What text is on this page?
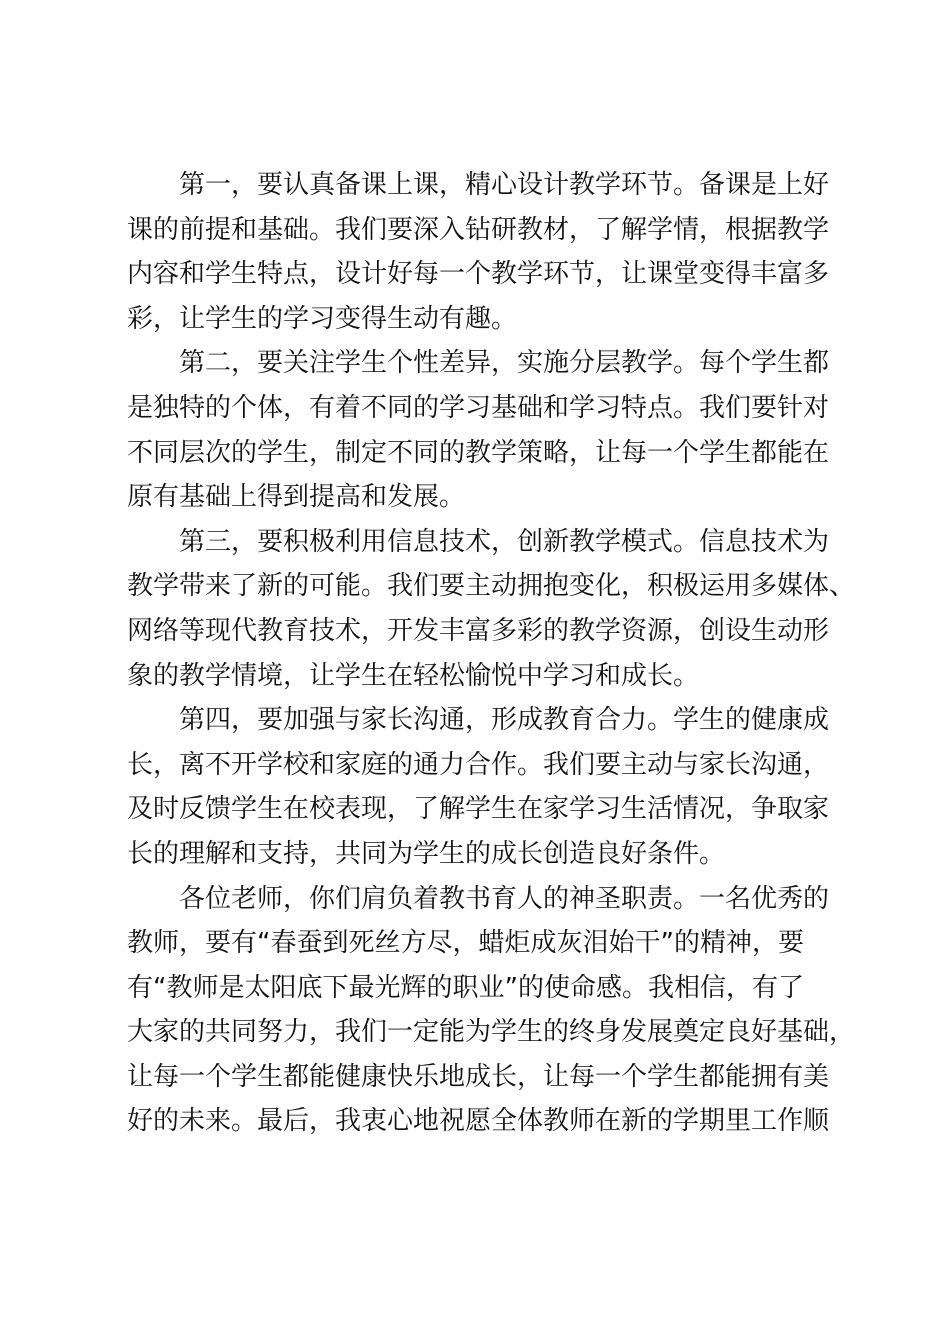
第一，要认真备课上课，精心设计教学环节。备课是上好
课的前提和基础。我们要深入钻研教材，了解学情，根据教学
内容和学生特点，设计好每一个教学环节，让课堂变得丰富多
彩，让学生的学习变得生动有趣。

第二，要关注学生个性差异，实施分层教学。每个学生都
是独特的个体，有着不同的学习基础和学习特点。我们要针对
不同层次的学生，制定不同的教学策略，让每一个学生都能在
原有基础上得到提高和发展。

第三，要积极利用信息技术，创新教学模式。信息技术为
教学带来了新的可能。我们要主动拥抱变化，积极运用多媒体、
网络等现代教育技术，开发丰富多彩的教学资源，创设生动形
象的教学情境，让学生在轻松愉悦中学习和成长。

第四，要加强与家长沟通，形成教育合力。学生的健康成
长，离不开学校和家庭的通力合作。我们要主动与家长沟通，
及时反馈学生在校表现，了解学生在家学习生活情况，争取家
长的理解和支持，共同为学生的成长创造良好条件。

各位老师，你们肩负着教书育人的神圣职责。一名优秀的
教师，要有“春蚕到死丝方尽，蜡炬成灰泪始干”的精神，要
有“教师是太阳底下最光辉的职业”的使命感。我相信，有了
大家的共同努力，我们一定能为学生的终身发展奠定良好基础，
让每一个学生都能健康快乐地成长，让每一个学生都能拥有美
好的未来。最后，我衷心地祝愿全体教师在新的学期里工作顺
